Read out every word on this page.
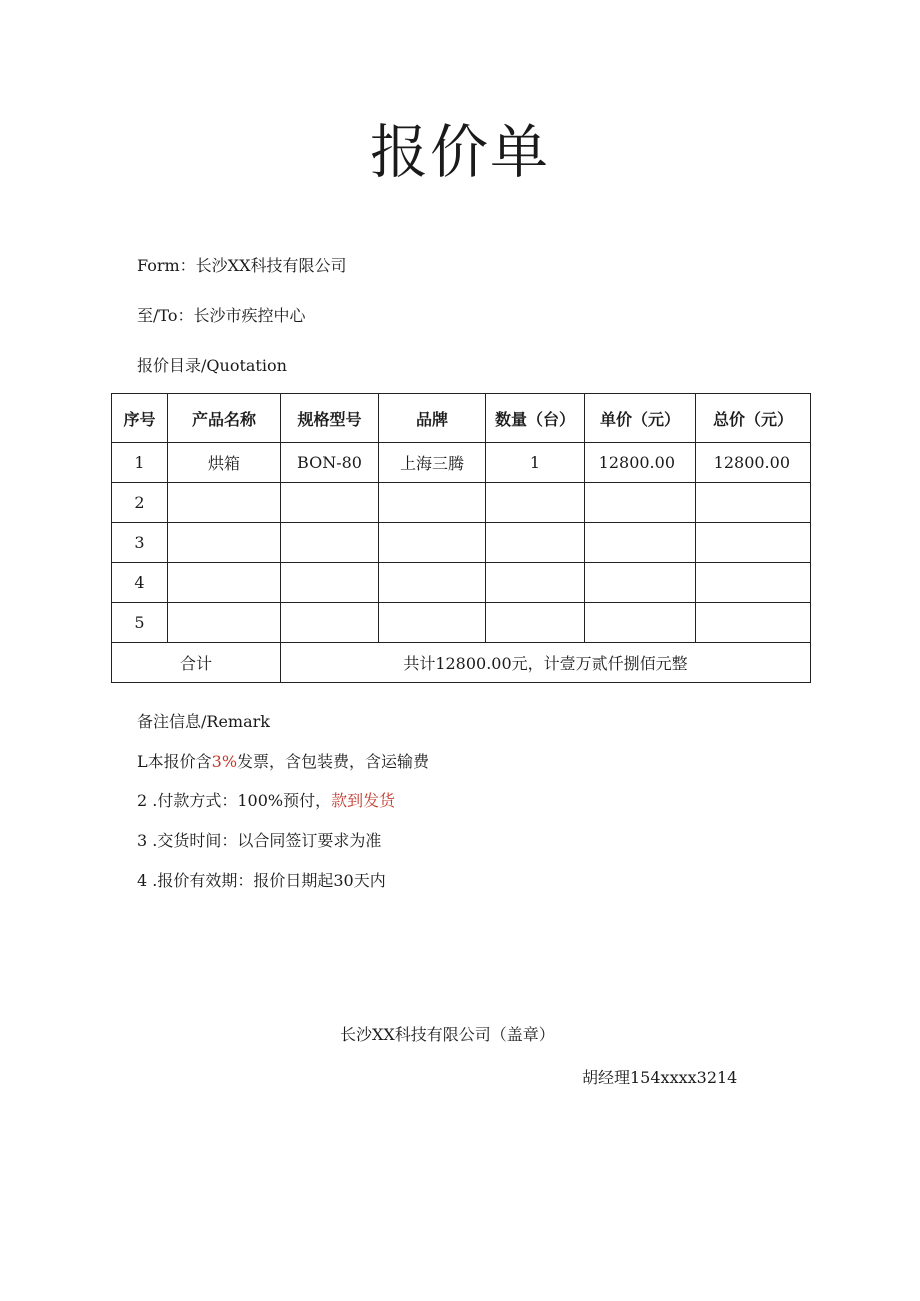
报价单
Form：长沙XX科技有限公司
至/To：长沙市疾控中心
报价目录/Quotation
序号	产品名称	规格型号	品牌	数量（台）	单价（元）	总价（元）
1	烘箱	BON-80	上海三腾	1	12800.00	12800.00
2						
3						
4						
5						
合计		共计12800.00元，计壹万贰仟捌佰元整				
备注信息/Remark
L本报价含3%发票，含包装费，含运输费
2 .付款方式：100%预付，款到发货
3 .交货时间：以合同签订要求为准
4 .报价有效期：报价日期起30天内
长沙XX科技有限公司（盖章）
胡经理154xxxx3214
